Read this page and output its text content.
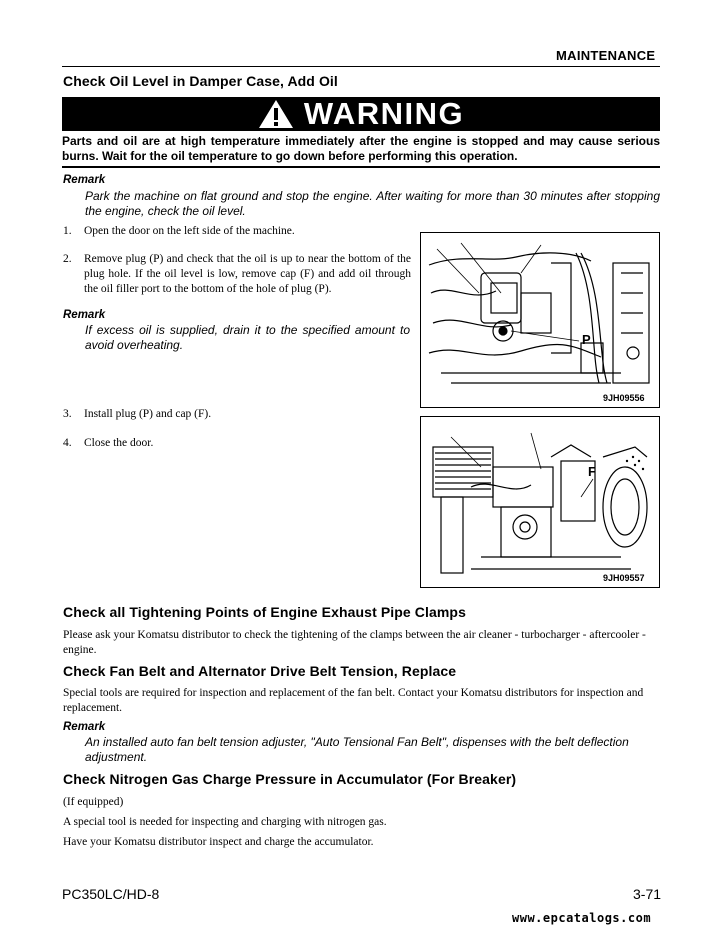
MAINTENANCE
Check Oil Level in Damper Case, Add Oil
WARNING
Parts and oil are at high temperature immediately after the engine is stopped and may cause serious burns. Wait for the oil temperature to go down before performing this operation.
Remark
Park the machine on flat ground and stop the engine. After waiting for more than 30 minutes after stopping the engine, check the oil level.
1. Open the door on the left side of the machine.
2. Remove plug (P) and check that the oil is up to near the bottom of the plug hole. If the oil level is low, remove cap (F) and add oil through the oil filler port to the bottom of the hole of plug (P).
Remark
If excess oil is supplied, drain it to the specified amount to avoid overheating.
3. Install plug (P) and cap (F).
4. Close the door.
P
9JH09556
F
9JH09557
Check all Tightening Points of Engine Exhaust Pipe Clamps
Please ask your Komatsu distributor to check the tightening of the clamps between the air cleaner - turbocharger - aftercooler - engine.
Check Fan Belt and Alternator Drive Belt Tension, Replace
Special tools are required for inspection and replacement of the fan belt. Contact your Komatsu distributors for inspection and replacement.
Remark
An installed auto fan belt tension adjuster, "Auto Tensional Fan Belt", dispenses with the belt deflection adjustment.
Check Nitrogen Gas Charge Pressure in Accumulator (For Breaker)
(If equipped)
A special tool is needed for inspecting and charging with nitrogen gas.
Have your Komatsu distributor inspect and charge the accumulator.
PC350LC/HD-8	3-71
www.epcatalogs.com
